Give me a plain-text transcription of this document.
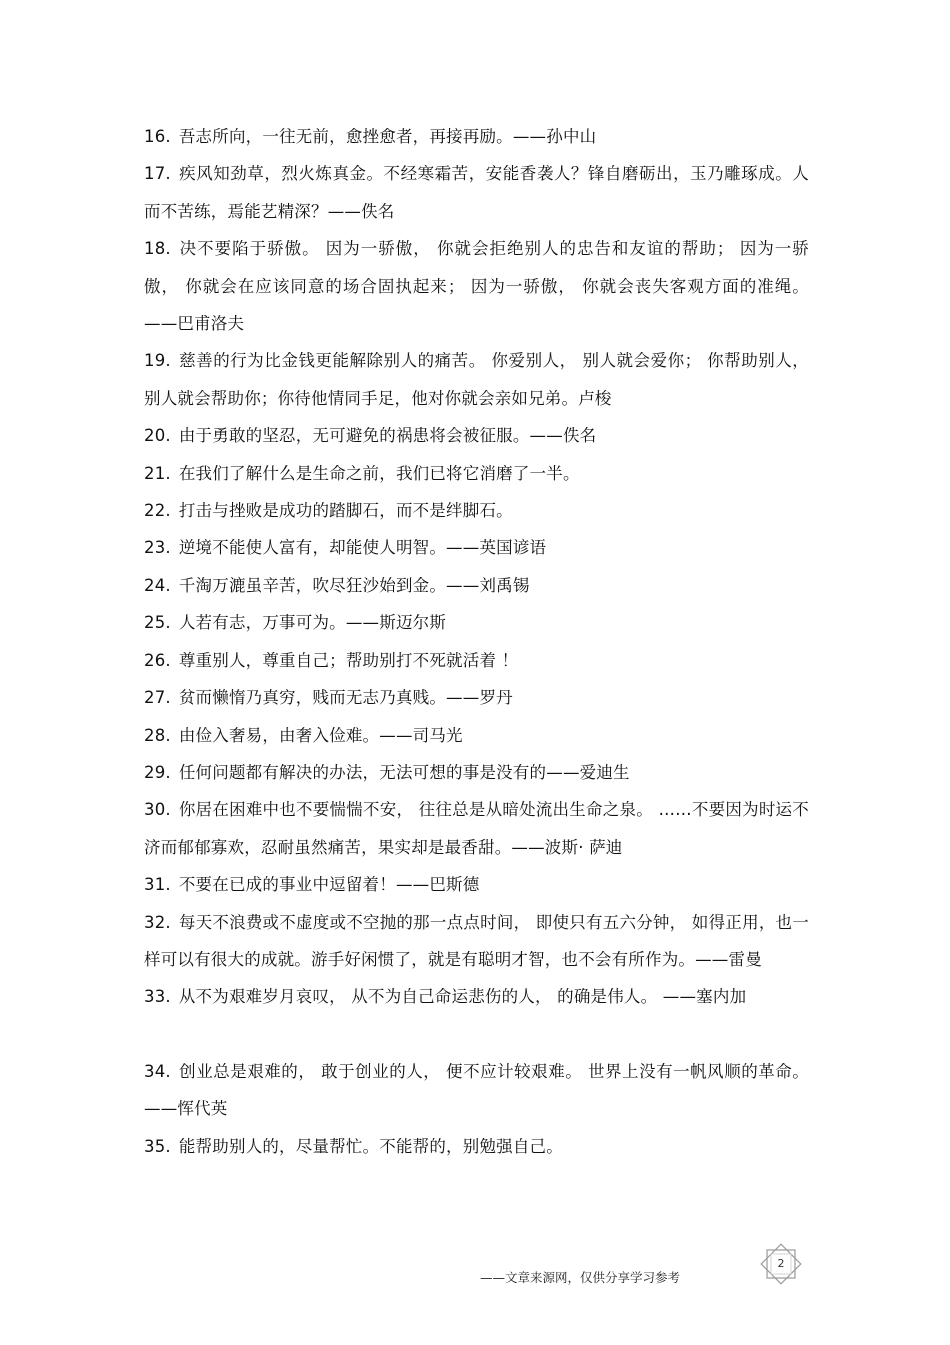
16. 吾志所向，一往无前，愈挫愈者，再接再励。——孙中山
17. 疾风知劲草，烈火炼真金。不经寒霜苦，安能香袭人？锋自磨砺出，玉乃雕琢成。人而不苦练，焉能艺精深？——佚名
18. 决不要陷于骄傲。 因为一骄傲， 你就会拒绝别人的忠告和友谊的帮助； 因为一骄傲， 你就会在应该同意的场合固执起来； 因为一骄傲， 你就会丧失客观方面的准绳。——巴甫洛夫
19. 慈善的行为比金钱更能解除别人的痛苦。 你爱别人， 别人就会爱你； 你帮助别人，别人就会帮助你；你待他情同手足，他对你就会亲如兄弟。卢梭
20. 由于勇敢的坚忍，无可避免的祸患将会被征服。——佚名
21. 在我们了解什么是生命之前，我们已将它消磨了一半。
22. 打击与挫败是成功的踏脚石，而不是绊脚石。
23. 逆境不能使人富有，却能使人明智。——英国谚语
24. 千淘万漉虽辛苦，吹尽狂沙始到金。——刘禹锡
25. 人若有志，万事可为。——斯迈尔斯
26. 尊重别人，尊重自己；帮助别打不死就活着 ！
27. 贫而懒惰乃真穷，贱而无志乃真贱。——罗丹
28. 由俭入奢易，由奢入俭难。——司马光
29. 任何问题都有解决的办法，无法可想的事是没有的——爱迪生
30. 你居在困难中也不要惴惴不安， 往往总是从暗处流出生命之泉。 ……不要因为时运不济而郁郁寡欢，忍耐虽然痛苦，果实却是最香甜。——波斯· 萨迪
31. 不要在已成的事业中逗留着！——巴斯德
32. 每天不浪费或不虚度或不空抛的那一点点时间， 即使只有五六分钟， 如得正用，也一样可以有很大的成就。游手好闲惯了，就是有聪明才智，也不会有所作为。——雷曼
33. 从不为艰难岁月哀叹， 从不为自己命运悲伤的人， 的确是伟人。 ——塞内加
34. 创业总是艰难的， 敢于创业的人， 便不应计较艰难。 世界上没有一帆风顺的革命。——恽代英
35. 能帮助别人的，尽量帮忙。不能帮的，别勉强自己。
——文章来源网，仅供分享学习参考
2
